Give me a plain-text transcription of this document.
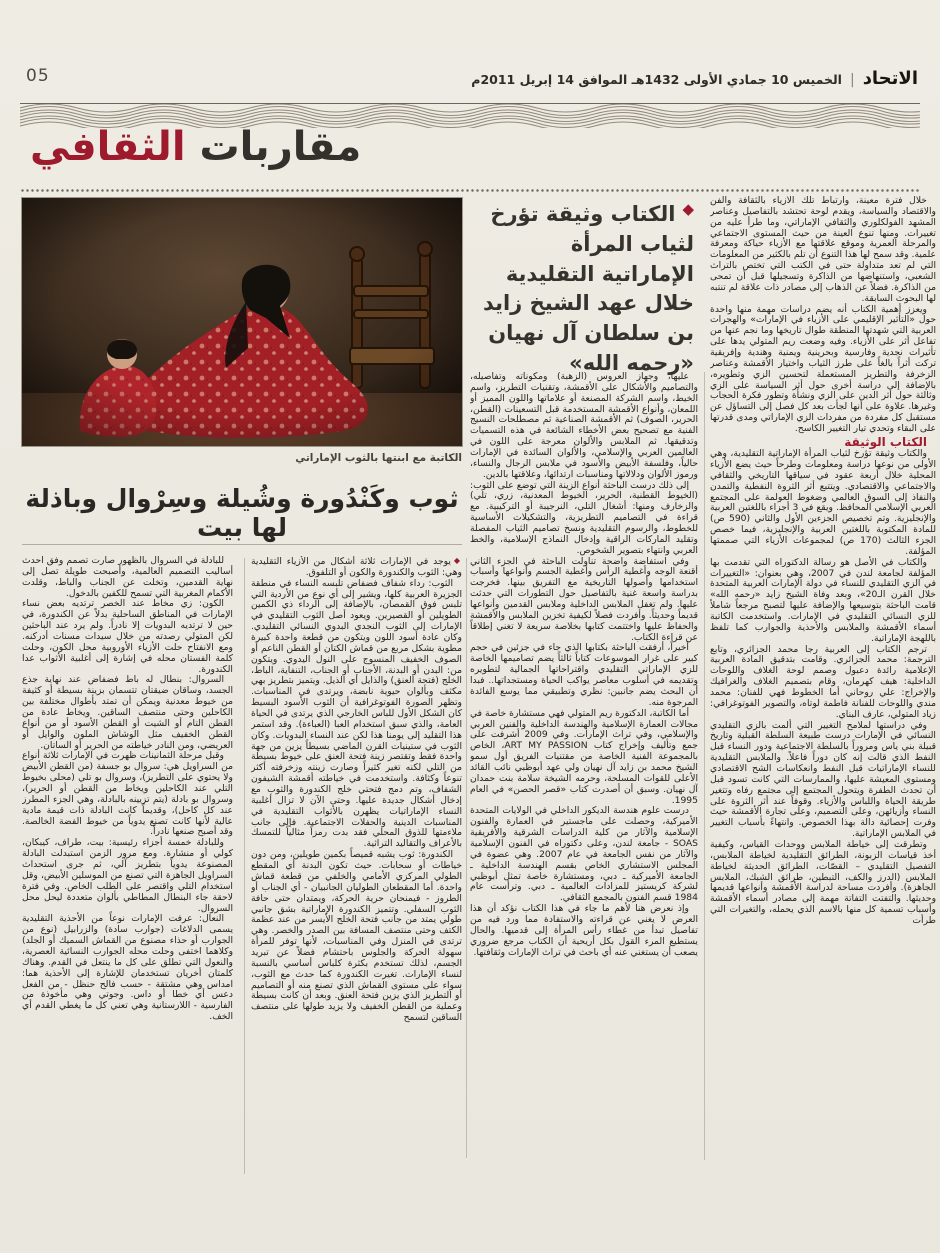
05	الاتحاد
|
الخميس 10 جمادي الأولى 1432هـ الموافق 14 إبريل 2011م
مقاربات الثقافي
الكاتبة مع ابنتها بالثوب الإماراتي
ثوب وكَنْدُورة وشُيلة وسِرْوال وباذلة لها بيت
◆
الكتاب وثيقة تؤرخ لثياب المرأة الإماراتية التقليدية خلال عهد الشيخ زايد بن سلطان آل نهيان «رحمه الله»

خلال فترة معينة، وارتباط تلك الأزياء بالثقافة والفن والاقتصاد والسياسة، ويقدم لوحة تحتشد بالتفاصيل وعناصر المشهد الفولكلوري والثقافي الإماراتي، وما طرأ عليه من تغييرات. ومنها تنوع العينة من حيث المستوى الاجتماعي والمرحلة العمرية وموقع علاقتها مع الأزياء حياكة ومعرفة علمية. وقد سمح لها هذا التنوع أن تلم بالكثير من المعلومات التي لم تعد متداولة حتى في الكتب التي تختص بالتراث الشعبي، واستنهاضها من الذاكرة وتسجيلها قبل أن تمحى من الذاكرة. فضلاً عن الذهاب إلى مصادر ذات علاقة لم تنتبه لها البحوث السابقة.

ويعزز أهمية الكتاب أنه يضم دراسات مهمة منها واحدة حول «التأثير الإقليمي على الأزياء في الإمارات» والهجرات العربية التي شهدتها المنطقة طوال تاريخها وما نجم عنها من تفاعل أثر على الأزياء. وفيه وضعت ريم المتولي يدها على تأثيرات نجدية وفارسية وبحرينية ويمنية وهندية وإفريقية تركت أثراً بالغاً على طرز الثياب واختيار الأقمشة وعناصر الزخرفة والتطريز المستعملة لتحسين الزي وتطويره، بالإضافة إلى دراسة أخرى حول أثر السياسة على الزي وثالثة حول أثر الدين على الزي ونشأة وتطور فكرة الحجاب وغيرها. علاوة على أنها لجأت بعد كل فصل إلى التساؤل عن مستقبل كل مفردة من مفردات الزي الإماراتي ومدى قدرتها على البقاء وتحدي تيار التغيير الكاسح.

الكتاب الوثيقة

والكتاب وثيقة تؤرخ لثياب المرأة الإماراتية التقليدية، وهي الأولى من نوعها دراسة ومعلومات وطرحاً حيث يضع الأزياء المحلية خلال أربعة عقود في سياقها التاريخي والثقافي والاجتماعي والاقتصادي. ويتتبع أثر الثروة النفطية والتمدن والنفاذ إلى السوق العالمي وضغوط العولمة على المجتمع العربي الإسلامي المحافظ. ويقع في 3 أجزاء باللغتين العربية والإنجليزية. وتم تخصيص الجزءين الأول والثاني (590 ص) للمادة المكتوبة باللغتين العربية والإنجليزية، فيما خصص الجزء الثالث (170 ص) لمجموعات الأزياء التي صممتها المؤلفة.

والكتاب في الأصل هو رسالة الدكتوراه التي تقدمت بها المؤلفة لجامعة لندن في 2007، وهي بعنوان: «التغييرات في الزي التقليدي للنساء في دولة الإمارات العربية المتحدة خلال القرن الـ20»، وبعد وفاة الشيخ زايد «رحمه الله» قامت الباحثة بتوسيعها والإضافة عليها لتصبح مرجعاً شاملاً للزي النسائي التقليدي في الإمارات. واستخدمت الكاتبة أسماء الأقمشة والملابس والأحذية والجوارب كما تلفظ باللهجة الإماراتية.

ترجم الكتاب إلى العربية رجا محمد الجزائري، وتابع الترجمة: محمد الجزائري. وقامت بتدقيق المادة العربية الإعلامية رائدة دعبول وصمم لوحة الغلاف واللوحات الداخلية: هيف كهرمان، وقام بتصميم الغلاف والغرافيك والإخراج: علي روحاني أما الخطوط فهي للفنان: محمد مندي واللوحات للفنانة فاطمة لوتاه، والتصوير الفوتوغرافي: زياد المتولي، عارف البناي.

وفي دراستها لملامح التغيير التي ألمت بالزي التقليدي النسائي في الإمارات درست طبيعة السلطة القبلية وتاريخ قبيلة بني ياس ومروراً بالسلطة الاجتماعية ودور النساء قبل النفط الذي قالت إنه كان دوراً فاعلاً. والملابس التقليدية للنساء الإماراتيات قبل النفط وانعكاسات الشح الاقتصادي ومستوى المعيشة عليها، والممارسات التي كانت تسود قبل أن تحدث الطفرة ويتحول المجتمع إلى مجتمع رفاه وتتغير طريقة الحياة واللباس والأزياء. وقوفاً عند أثر الثروة على النساء وأزيائهن، وعلى التصميم، وعلى تجارة الأقمشة حيث وفرت إحصائية دالة بهذا الخصوص. وانتهاءً بأسباب التغيير في الملابس الإماراتية.

وتطرقت إلى خياطة الملابس ووحدات القياس، وكيفية أخذ قياسات الزبونة، الطرائق التقليدية لخياطة الملابس، التفصيل التقليدي – القصّات، الطرائق الحديثة لخياطة الملابس (الدرز والكف، التبطين، طرائق الشبك، الملابس الجاهزة). وأفردت مساحة لدراسة الأقمشة وأنواعها قديمها وحديثها. والتفتت التفاتة مهمة إلى مصادر أسماء الأقمشة وأسباب تسمية كل منها بالاسم الذي يحمله، والتغيرات التي طرأت

عليها، وجهاز العروس (الزهبة) ومكوناته وتفاصيله، والتصاميم والأشكال على الأقمشة، وتقنيات التطريز، واسم الخيط، واسم الشركة المصنعة أو علاماتها واللون المميز أو اللمعان، وأنواع الأقمشة المستخدمة قبل التسعينات (القطن، الحرير، الصوف) ثم الأقمشة الصناعية ثم مصطلحات النسيج الفنية مع تصحيح بعض الأخطاء الشائعة في هذه التسميات وتدقيقها. ثم الملابس والألوان معرجة على اللون في العالمين العربي والإسلامي، والألوان السائدة في الإمارات حالياً، وفلسفة الأبيض والأسود في ملابس الرجال والنساء، ورموز الألوان ودلالاتها ومناسبات ارتدائها، وعلاقتها بالدين.

إلى ذلك درست الباحثة أنواع الزينة التي توضع على الثوب: (الخيوط القطنية، الحرير، الخيوط المعدنية، زري، تلي) والزخارف ومنها: أشغال التلي، النرجيبة أو التركيبية. مع قراءة في التصاميم التطريزية، والتشكيلات الأساسية للخطوط، والرسوم التقليدية ونسخ تصاميم الثياب المفصلة وتقليد الماركات الراقية وإدخال النماذج الإسلامية، والخط العربي وانتهاء بتصوير الشخوص.

وفي استفاضة واضحة تناولت الباحثة في الجزء الثاني أقنعة الوجه وأغطية الرأس وأغطية الجسم وأنواعها وأسباب استخدامها وأصولها التاريخية مع التفريق بينها. فخرجت بدراسة واسعة غنية بالتفاصيل حول التطورات التي حدثت عليها. ولم تغفل الملابس الداخلية وملابس القدمين وأنواعها قديماً وحديثاً. وأفردت فصلاً لكيفية تخزين الملابس والأقمشة والحفاظ عليها واختتمت كتابها بخلاصة سريعة لا تغني إطلاقاً عن قراءة الكتاب.

أخيراً، أرفقت الباحثة بكتابها الذي جاء في جزئين في حجم كبير على غرار الموسوعات كتاباً ثالثاً يضم تصاميمها الخاصة للزي الإماراتي التقليدي واقتراحاتها الجمالية لتطويره وتقديمه في أسلوب معاصر يواكب الحياة ومستجداتها.. فبدا أن البحث يضم جانبين: نظري وتطبيقي مما يوسع الفائدة المرجوة منه.

أما الكاتبة، الدكتورة ريم المتولي فهي مستشارة خاصة في مجالات العمارة الإسلامية والهندسة الداخلية والفنين العربي والإسلامي، وفي تراث الإمارات. وفي 2009 أشرفت على جمع وتأليف وإخراج كتاب ART MY PASSION، الخاص بالمجموعة الفنية الخاصة من مقتنيات الفريق أول سمو الشيخ محمد بن زايد آل نهيان ولي عهد أبوظبي نائب القائد الأعلى للقوات المسلحة، وحرمه الشيخة سلامة بنت حمدان آل نهيان. وسبق أن أصدرت كتاب «قصر الحصن» في العام 1995.

درست علوم هندسة الديكور الداخلي في الولايات المتحدة الأميركية، وحصلت على ماجستير في العمارة والفنون الإسلامية والآثار من كلية الدراسات الشرقية والأفريقية SOAS - جامعة لندن، وعلى دكتوراه في الفنون الإسلامية والآثار من نفس الجامعة في عام 2007. وهي عضوة في المجلس الاستشاري الخاص بقسم الهندسة الداخلية ـ الجامعة الأميركية ـ دبي، ومستشارة خاصة تمثل أبوظبي لشركة كريستيز للمزادات العالمية ـ دبي. وترأست عام 1984 قسم الفنون بالمجمع الثقافي.

وإذ نعرض هنا لأهم ما جاء في هذا الكتاب نؤكد أن هذا العرض لا يغني عن قراءته والاستفادة مما ورد فيه من تفاصيل تبدأ من غطاء رأس المرأة إلى قدميها. والحال يستطيع المرء القول بكل أريحية أن الكتاب مرجع ضروري يصعب أن يستغني عنه أي باحث في تراث الإمارات وثقافتها.

◆يوجد في الإمارات ثلاثة أشكال من الأزياء التقليدية وهي: الثوب والكندورة والكون أو التلفوق.

الثوب: رداء شفاف فضفاض تلبسه النساء في منطقة الجزيرة العربية كلها، ويشير إلى أي نوع من الأردية التي تلبس فوق القمصان، بالإضافة إلى الرداء ذي الكمين الطويلين أو القصيرين. ويعود أصل الثوب التقليدي في الإمارات إلى الثوب النجدي البدوي النسائي التقليدي. وكان عادة أسود اللون ويتكون من قطعة واحدة كبيرة مطوية بشكل مربع من قماش الكتان أو القطن الناعم أو الصوف الخفيف المنسوج على النول اليدوي. ويتكون من: البدن أو البدنة، الأجناب أو الجناب، التنفاية، الباط، الخلج (فتحة العنق) والذايل أي الذيل. ويتميز بتطريز بهي مكثف وبألوان حيوية نابضة، ويرتدى في المناسبات. وتظهر الصورة الفوتوغرافية أن الثوب الأسود البسيط كان الشكل الأول للباس الخارجي الذي يرتدى في الحياة العامة، والذي سبق استخدام العبا (العباءة). وقد استمر هذا التقليد إلى يومنا هذا لكن عند النساء البدويات. وكان الثوب في ستينيات القرن الماضي بسيطاً يزين من جهة واحدة فقط وتقتصر زينة فتحة العنق على خيوط بسيطة من التلي لكنه تغير كثيراً وصارت زينته وزخرفته أكثر تنوعاً وكثافة. واستخدمت في خياطته أقمشة الشيفون الشفاف، وتم دمج فتحتي خلج الكندورة والثوب مع إدخال أشكال جديدة عليها. وحتى الآن لا تزال أغلبية النساء الإماراتيات يظهرن بالأثواب التقليدية في المناسبات الدينية والحفلات الاجتماعية. فإلى جانب ملاءمتها للذوق المحلي فقد بدت رمزاً مثالياً للتمسك بالأعراف والتقاليد التراثية.

الكندورة: ثوب يشبه قميصاً بكمين طويلين، ومن دون خياطات أو سحابات. حيث تكون البدنة أي المقطع الطولي المركزي الأمامي والخلفي من قطعة قماش واحدة. أما المقطعان الطوليان الجانبيان - أي الجناب أو الطروز - فيمنحان حرية الحركة، ويمتدان حتى حافة الثوب السفلي. وتتميز الكندورة الإماراتية بشق جانبي طولي يمتد من جانب فتحة الخلج الأيسر من عند عظمة الكتف وحتى منتصف المسافة بين الصدر والخصر. وهي ترتدى في المنزل وفي المناسبات، لأنها توفر للمرأة سهولة الحركة والجلوس باحتشام فضلاً عن تبريد الجسم، لذلك تستخدم بكثرة كلباس أساسي بالنسبة لنساء الإمارات. تغيرت الكندورة كما حدث مع الثوب، سواء على مستوى القماش الذي تصنع منه أو التصاميم أو التطريز الذي يزين فتحة العنق. وبعد أن كانت بسيطة وعملية من القطن الخفيف ولا يزيد طولها على منتصف الساقين لتسمح

للبادلة في السروال بالظهور صارت تصمم وفق أحدث أساليب التصميم العالمية، وأصبحت طويلة تصل إلى نهاية القدمين، وتخلت عن الجناب والباط، وقلدت الأكمام المغربية التي تسمح للكفين بالدخول.

الكون: زي مخاط عند الخصر ترتديه بعض نساء الإمارات في المناطق الساحلية بدلاً عن الكندورة، في حين لا ترتديه البدويات إلا نادراً. ولم يرد عند الباحثين لكن المتولي رصدته من خلال سيدات مسنات أدركنه. ومع الانفتاح حلت الأزياء الأوروبية محل الكون، وحلت كلمة الفستان محله في إشارة إلى أغلبية الأثواب عدا الكندورة.

السروال: بنطال له باط فضفاض عند نهاية جذع الجسد، وساقان ضيقتان تتسمان بزينة بسيطة أو كثيفة من خيوط معدنية ويمكن أن تمتد بأطوال مختلفة بين الكاحلين وحتى منتصف الساقين. ويخاط عادة من القطن التام أو الشيت أو القطن الأسود أو من أنواع القطن الخفيف مثل الوشاش الملون والوايل أو العريضي، ومن النادر خياطته من الحرير أو الساتان.

وقبل مرحلة الثمانينات ظهرت في الإمارات ثلاثة أنواع من السراويل هي: سروال بو جسفة (من القطن الأبيض ولا يحتوي على التطريز)، وسروال بو تلي (محلى بخيوط التلي عند الكاحلين ويخاط من القطن أو الحرير)، وسروال بو بادلة (يتم تزيينه بالبادلة، وهي الجزء المطرز عند كل كاحل)، وقديماً كانت البادلة ذات قيمة مادية عالية لأنها كانت تصنع يدوياً من خيوط الفضة الخالصة. وقد أصبح صنعها نادراً.

وللبادلة خمسة أجزاء رئيسية: بيت، طراف، كيبكان، كولي أو منشارة. ومع مرور الزمن استبدلت البادلة المصنوعة يدوياً بتطريز آلي، ثم جرى استحداث السراويل الجاهزة التي تصنع من الموسلين الأبيض، وقل استخدام التلي واقتصر على الطلب الخاص. وفي فترة لاحقة جاء البنطال المطاطي بألوان متعددة ليحل محل السروال.

النعال: عرفت الإمارات نوعاً من الأحذية التقليدية يسمى الدلاغات (جوارب سادة) والزرابيل (نوع من الجوارب أو حذاء مصنوع من القماش السميك أو الجلد) وكلاهما اختفى وحلت محله الجوارب النسائية العصرية، والنعول التي تطلق على كل ما ينتعل في القدم. وهناك كلمتان أخريان تستخدمان للإشارة إلى الأحذية هما: امداس وهي مشتقة - حسب فالح حنظل - من الفعل دعس أي خطا أو داس. وجوتي وهي مأخوذة من الفارسية - اللارستانية وهي تعني كل ما يغطي القدم أي الخف.
